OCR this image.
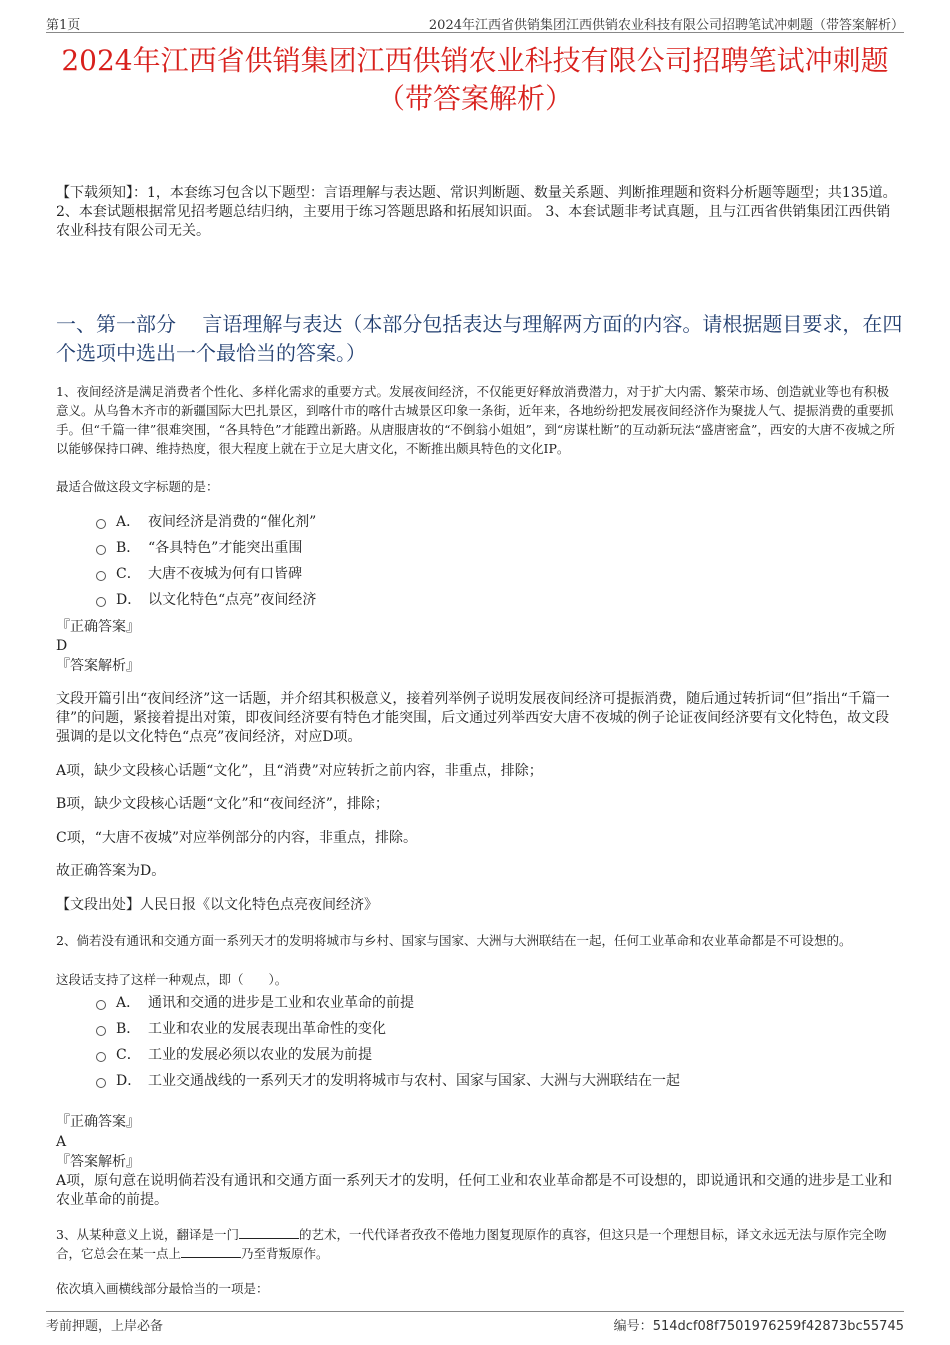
第1页	2024年江西省供销集团江西供销农业科技有限公司招聘笔试冲刺题（带答案解析）
2024年江西省供销集团江西供销农业科技有限公司招聘笔试冲刺题（带答案解析）
【下载须知】：1，本套练习包含以下题型：言语理解与表达题、常识判断题、数量关系题、判断推理题和资料分析题等题型；共135道。 2、本套试题根据常见招考题总结归纳，主要用于练习答题思路和拓展知识面。 3、本套试题非考试真题，且与江西省供销集团江西供销农业科技有限公司无关。
一、第一部分　 言语理解与表达（本部分包括表达与理解两方面的内容。请根据题目要求，在四个选项中选出一个最恰当的答案。）
1、夜间经济是满足消费者个性化、多样化需求的重要方式。发展夜间经济，不仅能更好释放消费潜力，对于扩大内需、繁荣市场、创造就业等也有积极意义。从乌鲁木齐市的新疆国际大巴扎景区，到喀什市的喀什古城景区印象一条街，近年来，各地纷纷把发展夜间经济作为聚拢人气、提振消费的重要抓手。但“千篇一律”很难突围，“各具特色”才能蹚出新路。从唐服唐妆的“不倒翁小姐姐”，到“房谋杜断”的互动新玩法“盛唐密盒”，西安的大唐不夜城之所以能够保持口碑、维持热度，很大程度上就在于立足大唐文化，不断推出颇具特色的文化IP。
最适合做这段文字标题的是：
A． 夜间经济是消费的“催化剂”
B． “各具特色”才能突出重围
C． 大唐不夜城为何有口皆碑
D． 以文化特色“点亮”夜间经济
『正确答案』
D
『答案解析』
文段开篇引出“夜间经济”这一话题，并介绍其积极意义，接着列举例子说明发展夜间经济可提振消费，随后通过转折词“但”指出“千篇一律”的问题，紧接着提出对策，即夜间经济要有特色才能突围，后文通过列举西安大唐不夜城的例子论证夜间经济要有文化特色，故文段强调的是以文化特色“点亮”夜间经济，对应D项。
A项，缺少文段核心话题“文化”，且“消费”对应转折之前内容，非重点，排除；
B项，缺少文段核心话题“文化”和“夜间经济”，排除；
C项，“大唐不夜城”对应举例部分的内容，非重点，排除。
故正确答案为D。
【文段出处】人民日报《以文化特色点亮夜间经济》
2、倘若没有通讯和交通方面一系列天才的发明将城市与乡村、国家与国家、大洲与大洲联结在一起，任何工业革命和农业革命都是不可设想的。
这段话支持了这样一种观点，即（　　）。
A． 通讯和交通的进步是工业和农业革命的前提
B． 工业和农业的发展表现出革命性的变化
C． 工业的发展必须以农业的发展为前提
D． 工业交通战线的一系列天才的发明将城市与农村、国家与国家、大洲与大洲联结在一起
『正确答案』
A
『答案解析』
A项，原句意在说明倘若没有通讯和交通方面一系列天才的发明，任何工业和农业革命都是不可设想的，即说通讯和交通的进步是工业和农业革命的前提。
3、从某种意义上说，翻译是一门	的艺术，一代代译者孜孜不倦地力图复现原作的真容，但这只是一个理想目标，译文永远无法与原作完全吻合，它总会在某一点上	乃至背叛原作。
依次填入画横线部分最恰当的一项是：
考前押题，上岸必备	编号：514dcf08f7501976259f42873bc55745
